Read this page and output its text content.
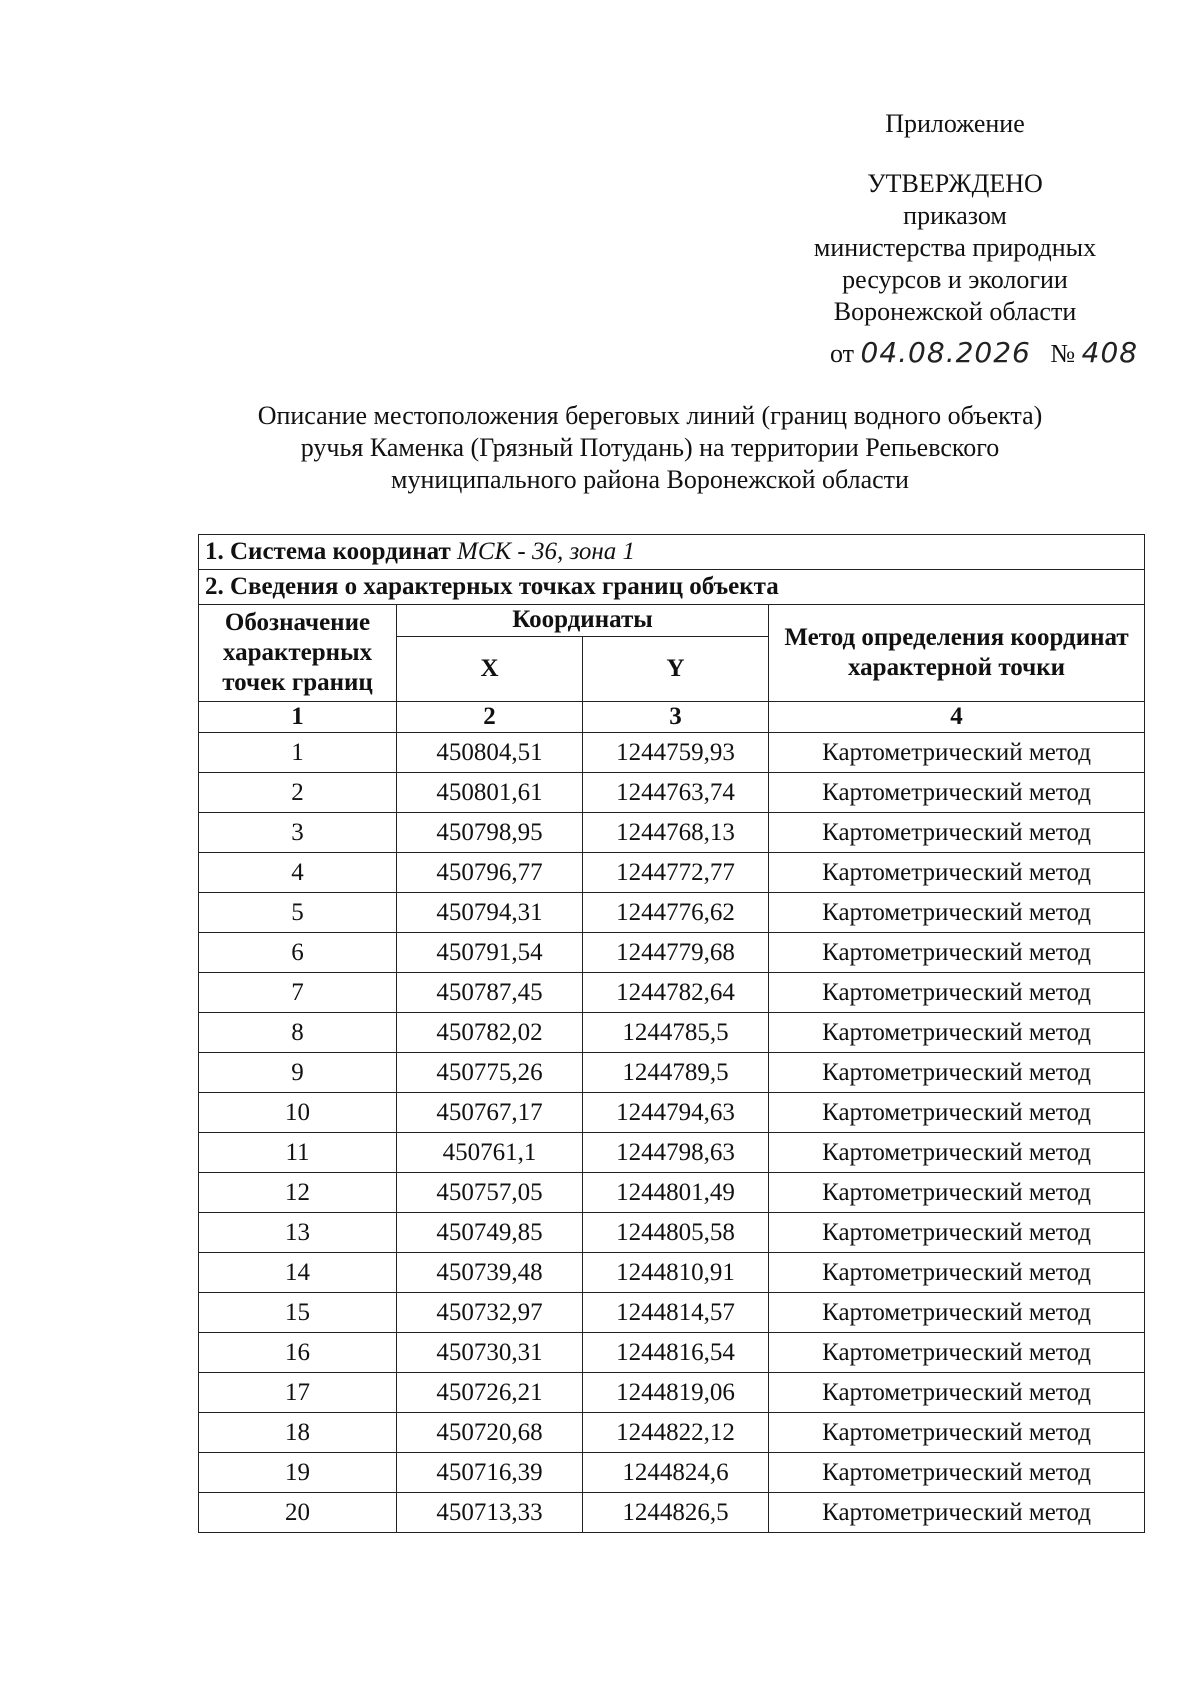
Приложение
УТВЕРЖДЕНО
приказом
министерства природных
ресурсов и экологии
Воронежской области
от 04.08.2026 № 408
Описание местоположения береговых линий (границ водного объекта)
ручья Каменка (Грязный Потудань) на территории Репьевского
муниципального района Воронежской области
1. Система координат МСК - 36, зона 1			
2. Сведения о характерных точках границ объекта			
Обозначение характерных точек границ	Координаты		Метод определения координат характерной точки
	X	Y	
1	2	3	4
1	450804,51	1244759,93	Картометрический метод
2	450801,61	1244763,74	Картометрический метод
3	450798,95	1244768,13	Картометрический метод
4	450796,77	1244772,77	Картометрический метод
5	450794,31	1244776,62	Картометрический метод
6	450791,54	1244779,68	Картометрический метод
7	450787,45	1244782,64	Картометрический метод
8	450782,02	1244785,5	Картометрический метод
9	450775,26	1244789,5	Картометрический метод
10	450767,17	1244794,63	Картометрический метод
11	450761,1	1244798,63	Картометрический метод
12	450757,05	1244801,49	Картометрический метод
13	450749,85	1244805,58	Картометрический метод
14	450739,48	1244810,91	Картометрический метод
15	450732,97	1244814,57	Картометрический метод
16	450730,31	1244816,54	Картометрический метод
17	450726,21	1244819,06	Картометрический метод
18	450720,68	1244822,12	Картометрический метод
19	450716,39	1244824,6	Картометрический метод
20	450713,33	1244826,5	Картометрический метод
